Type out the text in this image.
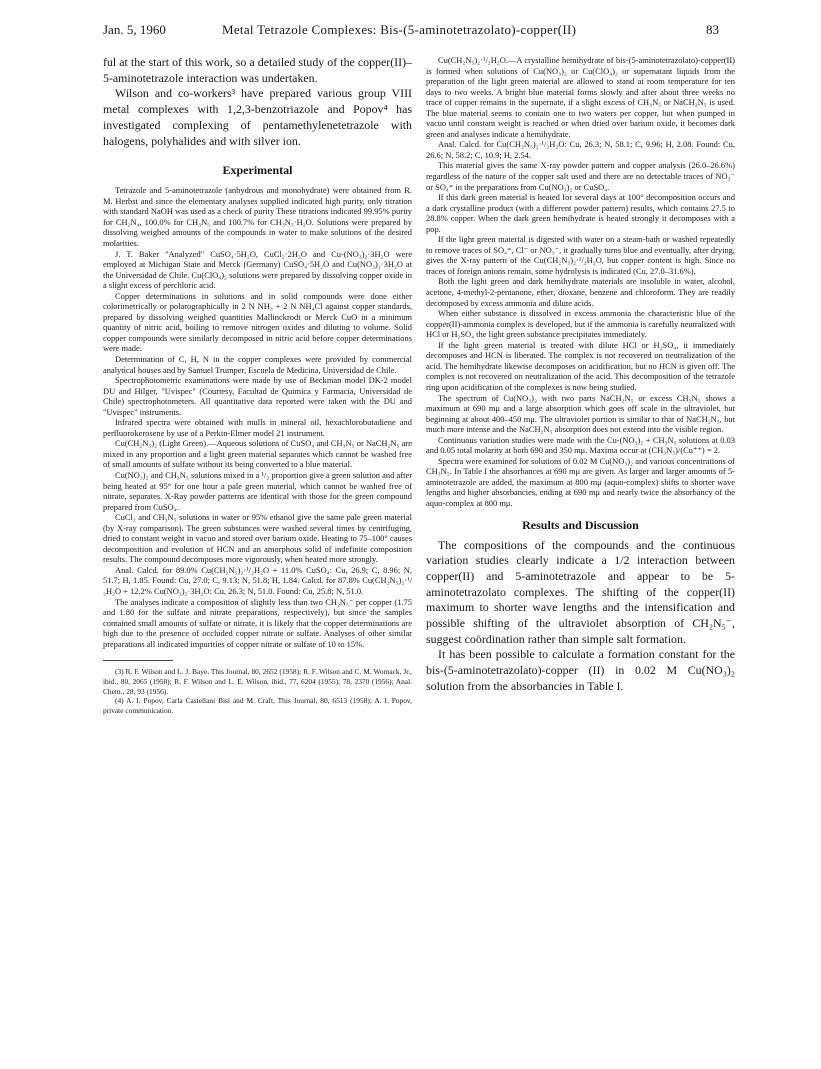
Jan. 5, 1960	Metal Tetrazole Complexes: Bis-(5-aminotetrazolato)-copper(II)	83

ful at the start of this work, so a detailed study of the copper(II)–5-aminotetrazole interaction was undertaken.

Wilson and co-workers³ have prepared various group VIII metal complexes with 1,2,3-benzotriazole and Popov⁴ has investigated complexing of pentamethylenetetrazole with halogens, polyhalides and with silver ion.

Experimental

Tetrazole and 5-aminotetrazole (anhydrous and monohydrate) were obtained from R. M. Herbst and since the elementary analyses supplied indicated high purity, only titration with standard NaOH was used as a check of purity These titrations indicated 99.95% purity for CH₂N₄, 100.0% for CH₃N₅ and 100.7% for CH₃N₅·H₂O. Solutions were prepared by dissolving weighed amounts of the compounds in water to make solutions of the desired molarities.

J. T. Baker "Analyzed" CuSO₄·5H₂O, CuCl₂·2H₂O and Cu-(NO₃)₂·3H₂O were employed at Michigan State and Merck (Germany) CuSO₄·5H₂O and Cu(NO₃)₂·3H₂O at the Universidad de Chile. Cu(ClO₄)₂ solutions were prepared by dissolving copper oxide in a slight excess of perchloric acid.

Copper determinations in solutions and in solid compounds were done either colorimetrically or polarographically in 2 N NH₃ + 2 N NH₄Cl against copper standards, prepared by dissolving weighed quantities Mallinckrodt or Merck CuO in a minimum quantity of nitric acid, boiling to remove nitrogen oxides and diluting to volume. Solid copper compounds were similarly decomposed in nitric acid before copper determinations were made.

Determination of C, H, N in the copper complexes were provided by commercial analytical houses and by Samuel Trumper, Escuela de Medicina, Universidad de Chile.

Spectrophotometric examinations were made by use of Beckman model DK-2 model DU and Hilger, "Uvispec" (Courtesy, Facultad de Quimica y Farmacia, Universidad de Chile) spectrophotometers. All quantitative data reported were taken with the DU and "Uvispec" instruments.

Infrared spectra were obtained with mulls in mineral oil, hexachlorobutadiene and perfluorokerosene by use of a Perkin-Elmer model 21 instrument.

Cu(CH₂N₅)₂ (Light Green).—Aqueous solutions of CuSO₄ and CH₃N₅ or NaCH₂N₅ are mixed in any proportion and a light green material separates which cannot be washed free of small amounts of sulfate without its being converted to a blue material.

Cu(NO₃)₂ and CH₃N₅ solutions mixed in a ¹/₂ proportion give a green solution and after being heated at 95° for one hour a pale green material, which cannot be washed free of nitrate, separates. X-Ray powder patterns are identical with those for the green compound prepared from CuSO₄.

CuCl₂ and CH₃N₅ solutions in water or 95% ethanol give the same pale green material (by X-ray comparison). The green substances were washed several times by centrifuging, dried to constant weight in vacuo and stored over barium oxide. Heating to 75–100° causes decomposition and evolution of HCN and an amorphous solid of indefinite composition results. The compound decomposes more vigorously, when heated more strongly.

Anal. Calcd. for 89.0% Cu(CH₂N₅)₂·¹/₂H₂O + 11.0% CuSO₄: Cu, 26.9; C, 8.96; N, 51.7; H, 1.85. Found: Cu, 27.0; C, 9.13; N, 51.8; H, 1.84. Calcd. for 87.8% Cu(CH₂N₅)₂·¹/₂H₂O + 12.2% Cu(NO₃)₂·3H₂O: Cu, 26.3; N, 51.0. Found: Cu, 25.8; N, 51.0.

The analyses indicate a composition of slightly less than two CH₂N₅⁻ per copper (1.75 and 1.80 for the sulfate and nitrate preparations, respectively), but since the samples contained small amounts of sulfate or nitrate, it is likely that the copper determinations are high due to the presence of occluded copper nitrate or sulfate. Analyses of other similar preparations all indicated impurities of copper nitrate or sulfate of 10 to 15%.

(3) R. F. Wilson and L. J. Baye, This Journal, 80, 2652 (1958); R. F. Wilson and C. M. Womack, Jr., ibid., 80, 2065 (1958); R. F. Wilson and L. E. Wilson, ibid., 77, 6204 (1955); 78, 2370 (1956); Anal. Chem., 28, 93 (1956).

(4) A. I. Popov, Carla Castellani Bisi and M. Craft, This Journal, 80, 6513 (1958); A. I. Popov, private communication.

Cu(CH₂N₅)₂·¹/₂H₂O.—A crystalline hemihydrate of bis-(5-aminotetrazolato)-copper(II) is formed when solutions of Cu(NO₃)₂ or Cu(ClO₄)₂ or supernatant liquids from the preparation of the light green material are allowed to stand at room temperature for ten days to two weeks. A bright blue material forms slowly and after about three weeks no trace of copper remains in the supernate, if a slight excess of CH₃N₅ or NaCH₂N₅ is used. The blue material seems to contain one to two waters per copper, but when pumped in vacuo until constant weight is reached or when dried over barium oxide, it becomes dark green and analyses indicate a hemihydrate.

Anal. Calcd. for Cu(CH₂N₅)₂·¹/₂H₂O: Cu, 26.3; N, 58.1; C, 9.96; H, 2.08. Found: Cu, 26.6; N, 58.2; C, 10.9; H, 2.54.

This material gives the same X-ray powder pattern and copper analysis (26.0–26.6%) regardless of the nature of the copper salt used and there are no detectable traces of NO₃⁻ or SO₄⁼ in the preparations from Cu(NO₃)₂ or CuSO₄.

If this dark green material is heated for several days at 100° decomposition occurs and a dark crystalline product (with a different powder pattern) results, which contains 27.5 to 28.8% copper. When the dark green hemihydrate is heated strongly it decomposes with a pop.

If the light green material is digested with water on a steam-bath or washed repeatedly to remove traces of SO₄⁼, Cl⁻ or NO₃⁻, it gradually turns blue and eventually, after drying, gives the X-ray pattern of the Cu(CH₂N₅)₂·¹/₂H₂O, but copper content is high. Since no traces of foreign anions remain, some hydrolysis is indicated (Cu, 27.0–31.6%).

Both the light green and dark hemihydrate materials are insoluble in water, alcohol, acetone, 4-methyl-2-pentanone, ether, dioxane, benzene and chloroform. They are readily decomposed by excess ammonia and dilute acids.

When either substance is dissolved in excess ammonia the characteristic blue of the copper(II)-ammonia complex is developed, but if the ammonia is carefully neutralized with HCl or H₂SO₄ the light green substance precipitates immediately.

If the light green material is treated with dilute HCl or H₂SO₄, it immediately decomposes and HCN is liberated. The complex is not recovered on neutralization of the acid. The hemihydrate likewise decomposes on acidification, but no HCN is given off. The complex is not recovered on neutralization of the acid. This decomposition of the tetrazole ring upon acidification of the complexes is now being studied.

The spectrum of Cu(NO₃)₂ with two parts NaCH₂N₅ or excess CH₃N₅ shows a maximum at 690 mμ and a large absorption which goes off scale in the ultraviolet, but beginning at about 400–450 mμ. The ultraviolet portion is similar to that of NaCH₂N₅, but much more intense and the NaCH₂N₅ absorption does not extend into the visible region.

Continuous variation studies were made with the Cu-(NO₃)₂ + CH₃N₅ solutions at 0.03 and 0.05 total molarity at both 690 and 350 mμ. Maxima occur at (CH₃N₅)/(Cu⁺⁺) = 2.

Spectra were examined for solutions of 0.02 M Cu(NO₃)₂ and various concentrations of CH₃N₅. In Table I the absorbances at 690 mμ are given. As larger and larger amounts of 5-aminotetrazole are added, the maximum at 800 mμ (aquo-complex) shifts to shorter wave lengths and higher absorbancies, ending at 690 mμ and nearly twice the absorbancy of the aquo-complex at 800 mμ.

Results and Discussion

The compositions of the compounds and the continuous variation studies clearly indicate a 1/2 interaction between copper(II) and 5-aminotetrazole and appear to be 5-aminotetrazolato complexes. The shifting of the copper(II) maximum to shorter wave lengths and the intensification and possible shifting of the ultraviolet absorption of CH₂N₅⁻, suggest coördination rather than simple salt formation.

It has been possible to calculate a formation constant for the bis-(5-aminotetrazolato)-copper (II) in 0.02 M Cu(NO₃)₂ solution from the absorbancies in Table I.
